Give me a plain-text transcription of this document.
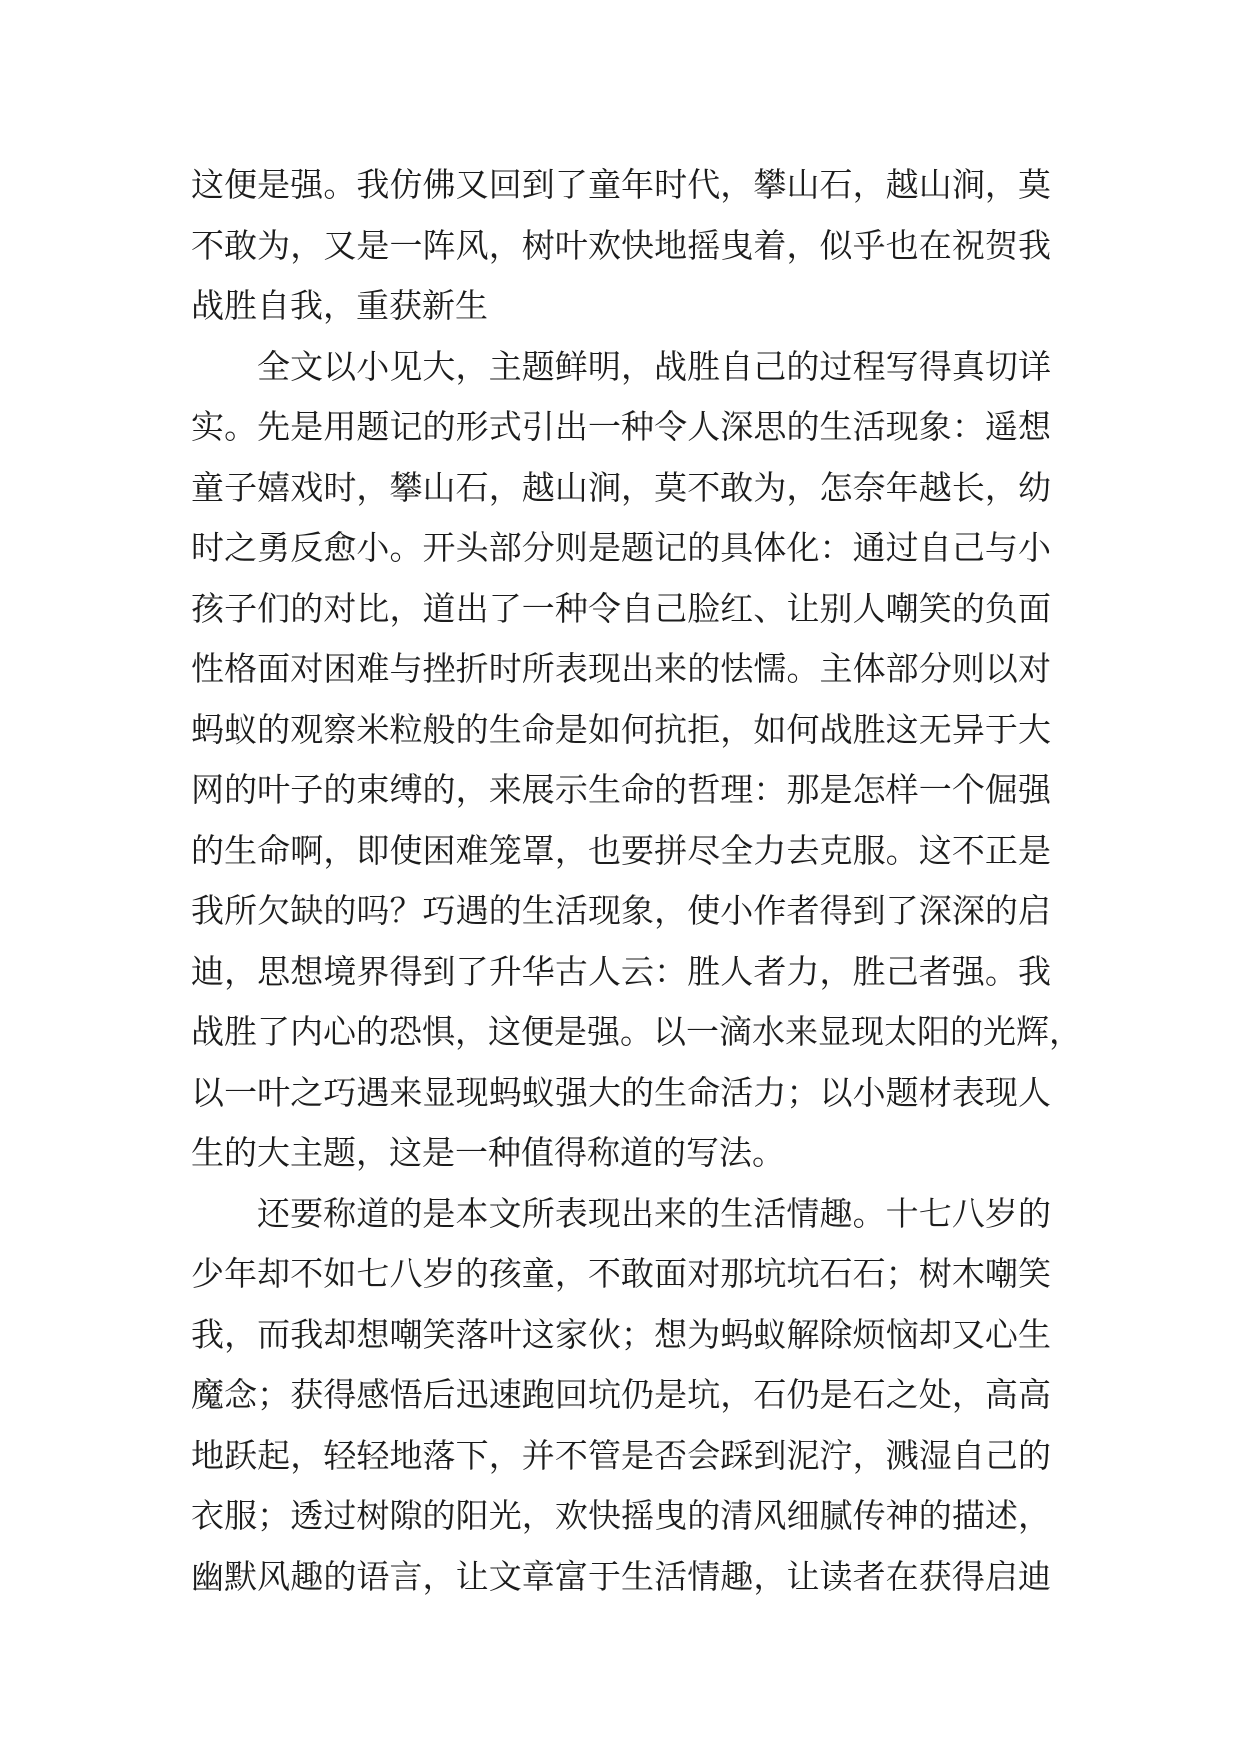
这便是强。我仿佛又回到了童年时代，攀山石，越山涧，莫
不敢为，又是一阵风，树叶欢快地摇曳着，似乎也在祝贺我
战胜自我，重获新生
全文以小见大，主题鲜明，战胜自己的过程写得真切详
实。先是用题记的形式引出一种令人深思的生活现象：遥想
童子嬉戏时，攀山石，越山涧，莫不敢为，怎奈年越长，幼
时之勇反愈小。开头部分则是题记的具体化：通过自己与小
孩子们的对比，道出了一种令自己脸红、让别人嘲笑的负面
性格面对困难与挫折时所表现出来的怯懦。主体部分则以对
蚂蚁的观察米粒般的生命是如何抗拒，如何战胜这无异于大
网的叶子的束缚的，来展示生命的哲理：那是怎样一个倔强
的生命啊，即使困难笼罩，也要拼尽全力去克服。这不正是
我所欠缺的吗？巧遇的生活现象，使小作者得到了深深的启
迪，思想境界得到了升华古人云：胜人者力，胜己者强。我
战胜了内心的恐惧，这便是强。以一滴水来显现太阳的光辉，
以一叶之巧遇来显现蚂蚁强大的生命活力；以小题材表现人
生的大主题，这是一种值得称道的写法。
还要称道的是本文所表现出来的生活情趣。十七八岁的
少年却不如七八岁的孩童，不敢面对那坑坑石石；树木嘲笑
我，而我却想嘲笑落叶这家伙；想为蚂蚁解除烦恼却又心生
魔念；获得感悟后迅速跑回坑仍是坑，石仍是石之处，高高
地跃起，轻轻地落下，并不管是否会踩到泥泞，溅湿自己的
衣服；透过树隙的阳光，欢快摇曳的清风细腻传神的描述，
幽默风趣的语言，让文章富于生活情趣，让读者在获得启迪
